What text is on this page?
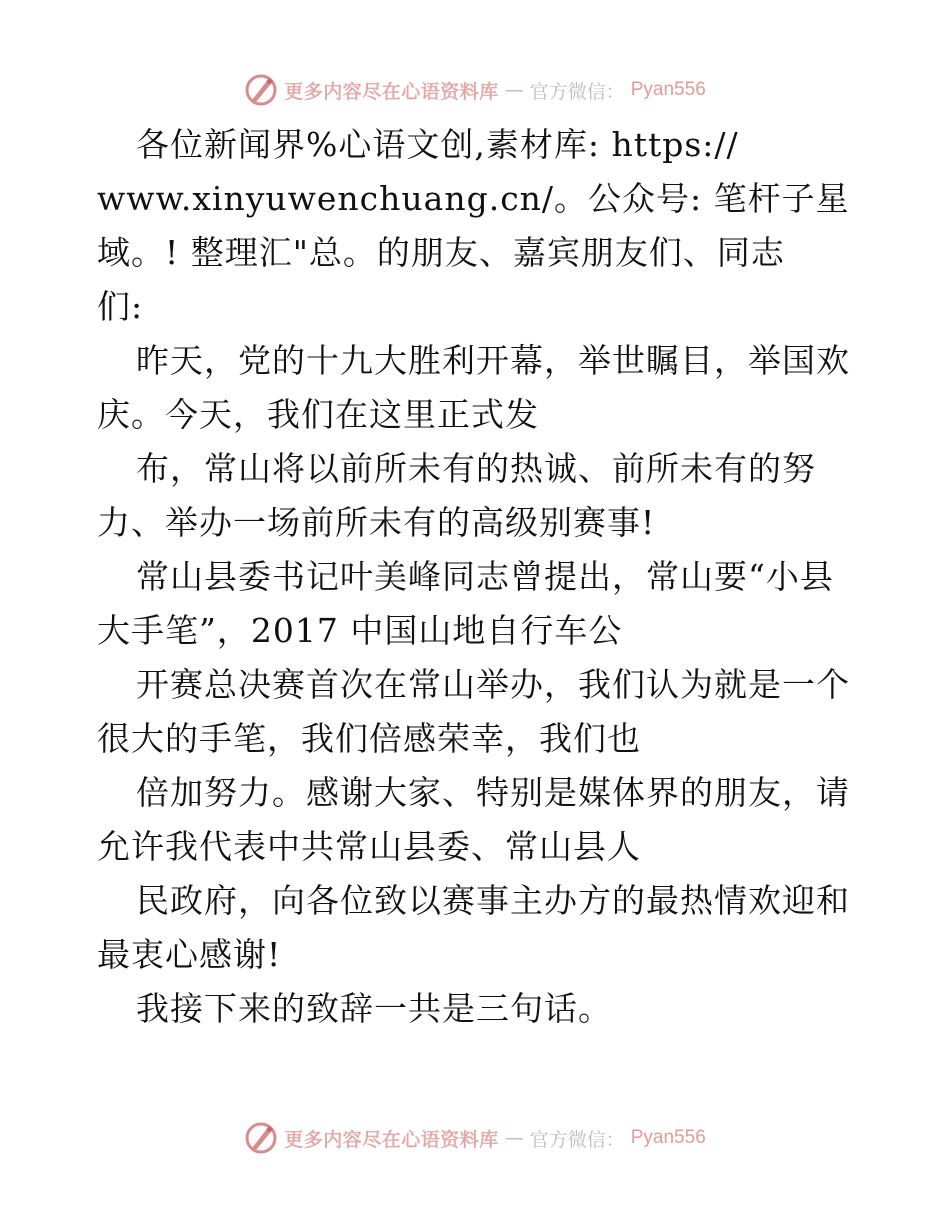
更多内容尽在心语资料库 — 官方微信： Pyan556
各位新闻界%心语文创,素材库: https://
www.xinyuwenchuang.cn/。公众号: 笔杆子星
域。! 整理汇"总。的朋友、嘉宾朋友们、同志
们:
昨天，党的十九大胜利开幕，举世瞩目，举国欢
庆。今天，我们在这里正式发
布，常山将以前所未有的热诚、前所未有的努
力、举办一场前所未有的高级别赛事!
常山县委书记叶美峰同志曾提出，常山要“小县
大手笔”，2017 中国山地自行车公
开赛总决赛首次在常山举办，我们认为就是一个
很大的手笔，我们倍感荣幸，我们也
倍加努力。感谢大家、特别是媒体界的朋友，请
允许我代表中共常山县委、常山县人
民政府，向各位致以赛事主办方的最热情欢迎和
最衷心感谢!
我接下来的致辞一共是三句话。
更多内容尽在心语资料库 — 官方微信： Pyan556
